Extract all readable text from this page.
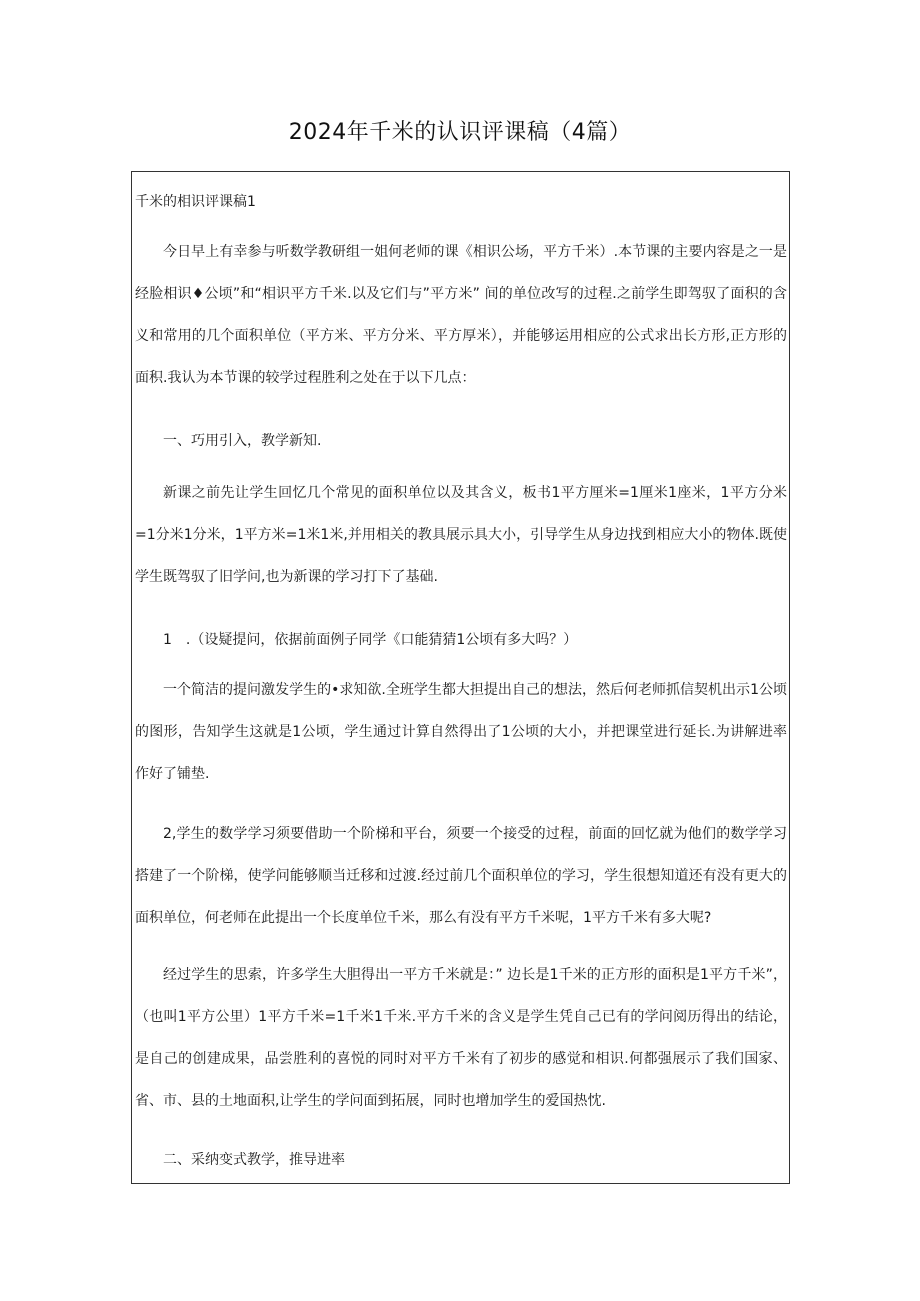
2024年千米的认识评课稿（4篇）
千米的相识评课稿1

今日早上有幸参与听数学教研组一姐何老师的课《相识公场，平方千米）.本节课的主要内容是之一是经脸相识♦公顷”和“相识平方千米.以及它们与”平方米” 间的单位改写的过程.之前学生即驾驭了面积的含义和常用的几个面积单位（平方米、平方分米、平方厚米），并能够运用相应的公式求出长方形,正方形的面积.我认为本节课的较学过程胜利之处在于以下几点：

一、巧用引入，教学新知.

新课之前先让学生回忆几个常见的面积单位以及其含义，板书1平方厘米=1厘米1座米，1平方分米=1分米1分米，1平方米=1米1米,并用相关的教具展示具大小，引导学生从身边找到相应大小的物体.既使学生既驾驭了旧学问,也为新课的学习打下了基础.

1　.（设疑提问，依据前面例子同学《口能猜猜1公顷有多大吗？）

一个简洁的提问激发学生的•求知欲.全班学生都大担提出自己的想法，然后何老师抓信契机出示1公顷的图形，告知学生这就是1公顷，学生通过计算自然得出了1公顷的大小，并把课堂进行延长.为讲解进率作好了铺垫.

2,学生的数学学习须要借助一个阶梯和平台，须要一个接受的过程，前面的回忆就为他们的数学学习搭建了一个阶梯，使学问能够顺当迁移和过渡.经过前几个面积单位的学习，学生很想知道还有没有更大的面积单位，何老师在此提出一个长度单位千米，那么有没有平方千米呢，1平方千米有多大呢?

经过学生的思索，许多学生大胆得出一平方千米就是：” 边长是1千米的正方形的面积是1平方千米”，（也叫1平方公里）1平方千米=1千米1千米.平方千米的含义是学生凭自己已有的学问阅历得出的结论，是自己的创建成果，品尝胜利的喜悦的同时对平方千米有了初步的感觉和相识.何都强展示了我们国家、省、市、县的土地面积,让学生的学问面到拓展，同时也增加学生的爱国热忱.

二、采纳变式教学，推导进率
